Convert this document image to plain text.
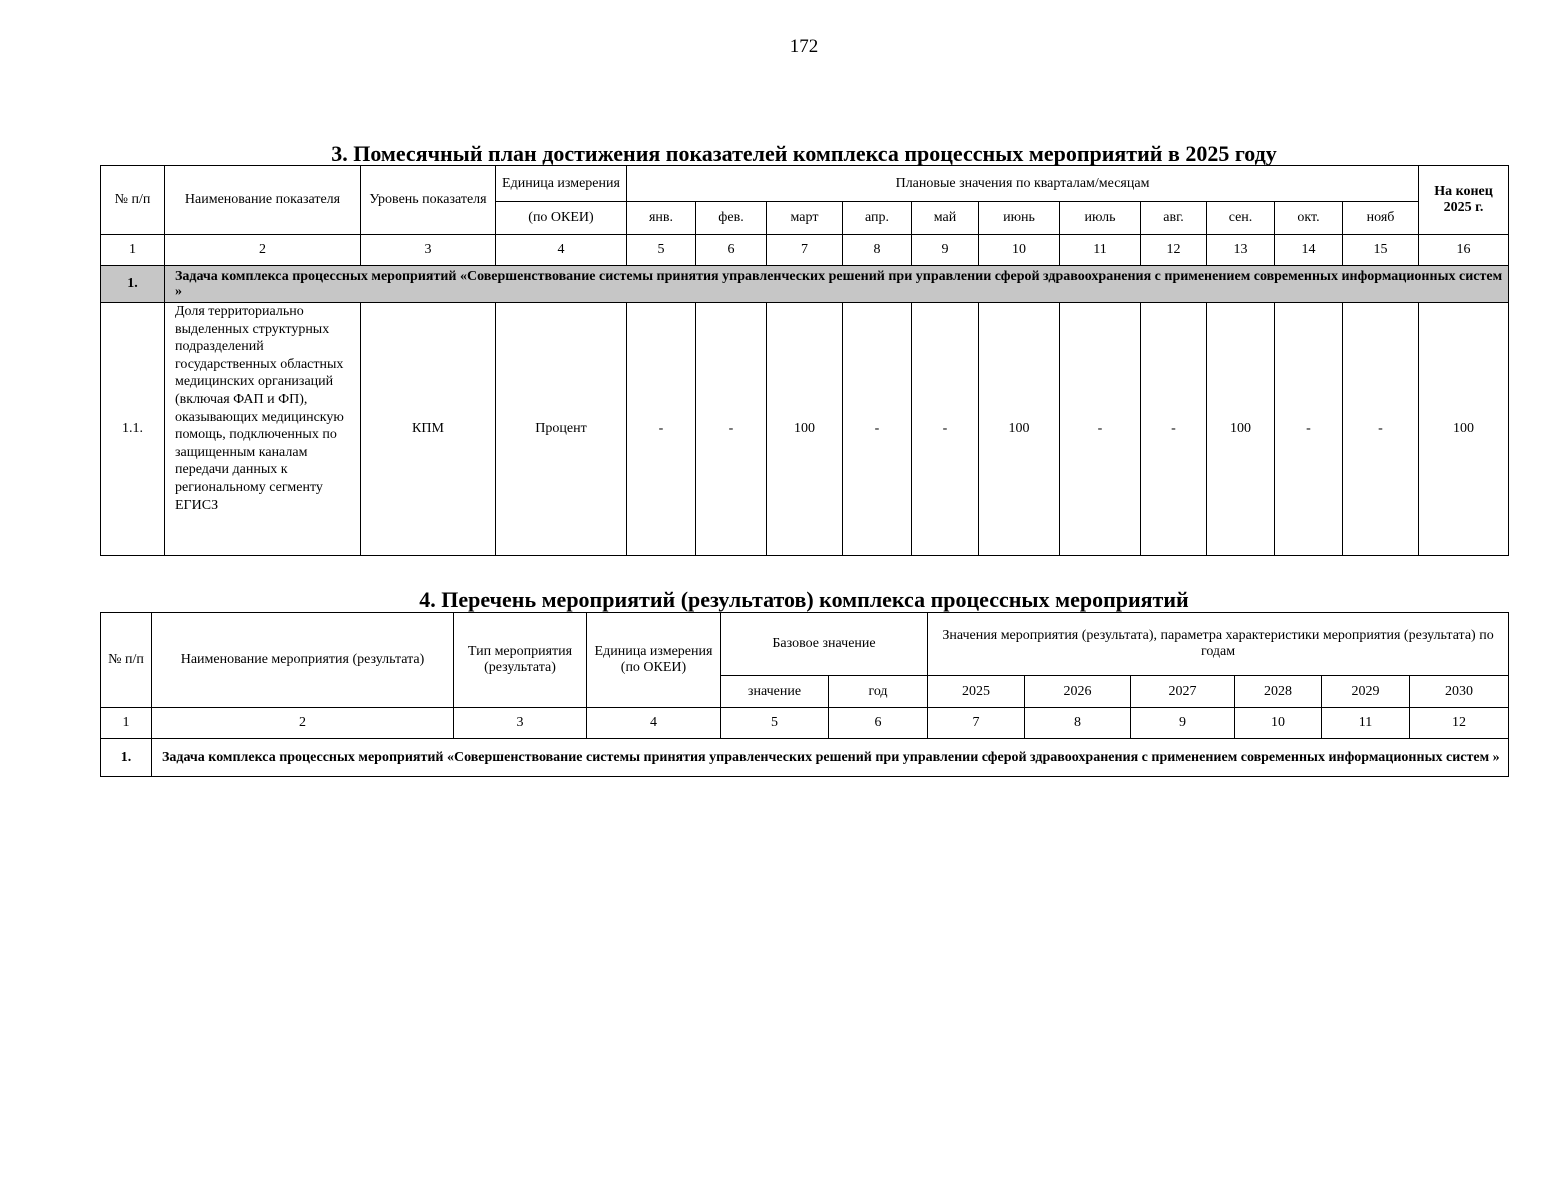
172
3. Помесячный план достижения показателей комплекса процессных мероприятий в 2025 году
№ п/п	Наименование показателя	Уровень показателя	Единица измерения	Плановые значения по кварталам/месяцам											На конец 2025 г.
			(по ОКЕИ)	янв.	фев.	март	апр.	май	июнь	июль	авг.	сен.	окт.	нояб	
1	2	3	4	5	6	7	8	9	10	11	12	13	14	15	16
1.	Задача комплекса процессных мероприятий «Совершенствование системы принятия управленческих решений при управлении сферой здравоохранения с применением современных информационных систем »														
1.1.	Доля территориально выделенных структурных подразделений государственных областных медицинских организаций (включая ФАП и ФП), оказывающих медицинскую помощь, подключенных по защищенным каналам передачи данных к региональному сегменту ЕГИСЗ	КПМ	Процент	-	-	100	-	-	100	-	-	100	-	-	100
4. Перечень мероприятий (результатов) комплекса процессных мероприятий
№ п/п	Наименование мероприятия (результата)	Тип мероприятия (результата)	Единица измерения (по ОКЕИ)	Базовое значение		Значения мероприятия (результата), параметра характеристики мероприятия (результата) по годам					
				значение	год	2025	2026	2027	2028	2029	2030
1	2	3	4	5	6	7	8	9	10	11	12
1.	Задача комплекса процессных мероприятий «Совершенствование системы принятия управленческих решений при управлении сферой здравоохранения с применением современных информационных систем »										
